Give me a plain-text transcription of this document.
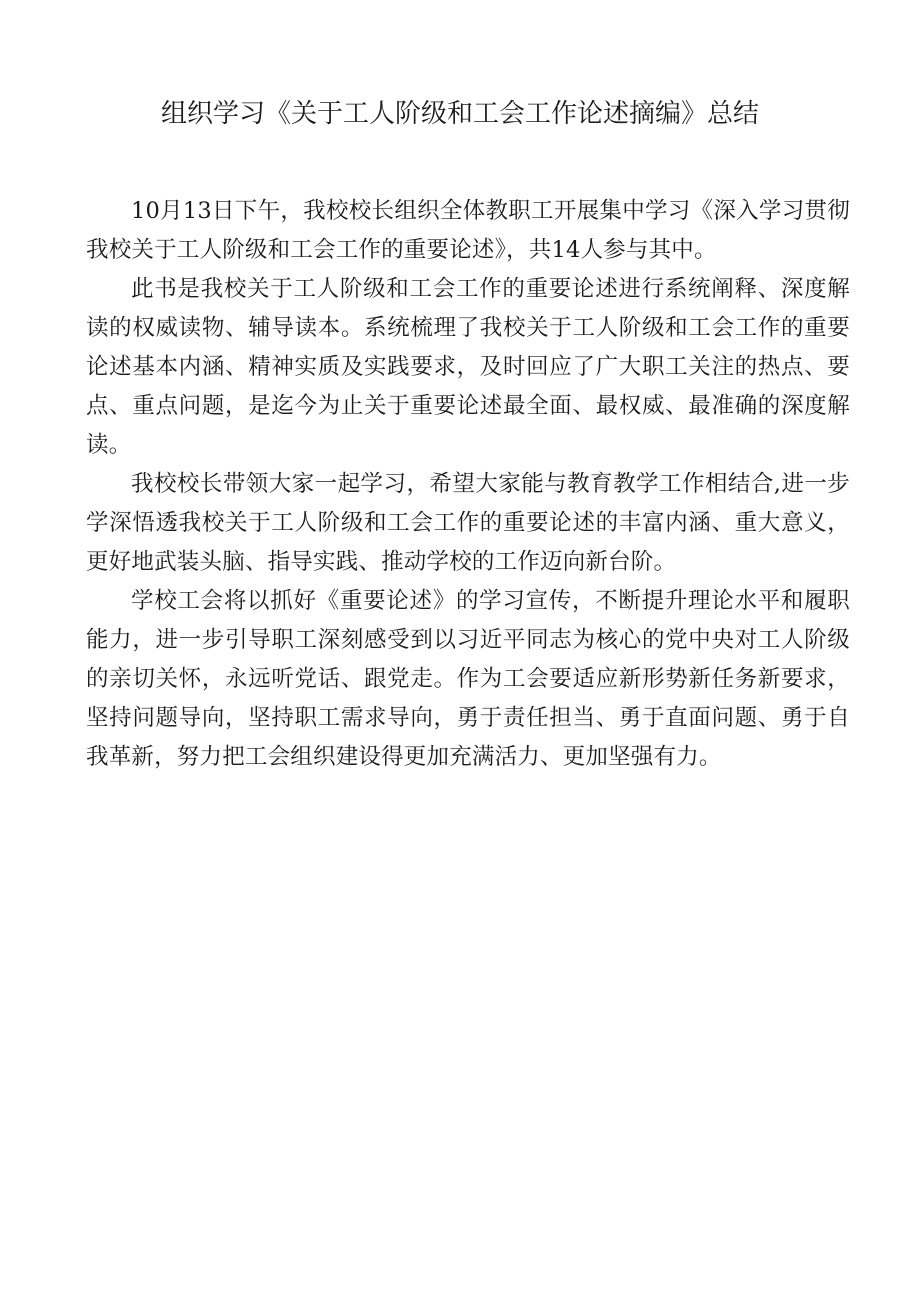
组织学习《关于工人阶级和工会工作论述摘编》总结

10月13日下午，我校校长组织全体教职工开展集中学习《深入学习贯彻我校关于工人阶级和工会工作的重要论述》，共14人参与其中。

此书是我校关于工人阶级和工会工作的重要论述进行系统阐释、深度解读的权威读物、辅导读本。系统梳理了我校关于工人阶级和工会工作的重要论述基本内涵、精神实质及实践要求，及时回应了广大职工关注的热点、要点、重点问题，是迄今为止关于重要论述最全面、最权威、最准确的深度解读。

我校校长带领大家一起学习，希望大家能与教育教学工作相结合,进一步学深悟透我校关于工人阶级和工会工作的重要论述的丰富内涵、重大意义，更好地武装头脑、指导实践、推动学校的工作迈向新台阶。

学校工会将以抓好《重要论述》的学习宣传，不断提升理论水平和履职能力，进一步引导职工深刻感受到以习近平同志为核心的党中央对工人阶级的亲切关怀，永远听党话、跟党走。作为工会要适应新形势新任务新要求，坚持问题导向，坚持职工需求导向，勇于责任担当、勇于直面问题、勇于自我革新，努力把工会组织建设得更加充满活力、更加坚强有力。
